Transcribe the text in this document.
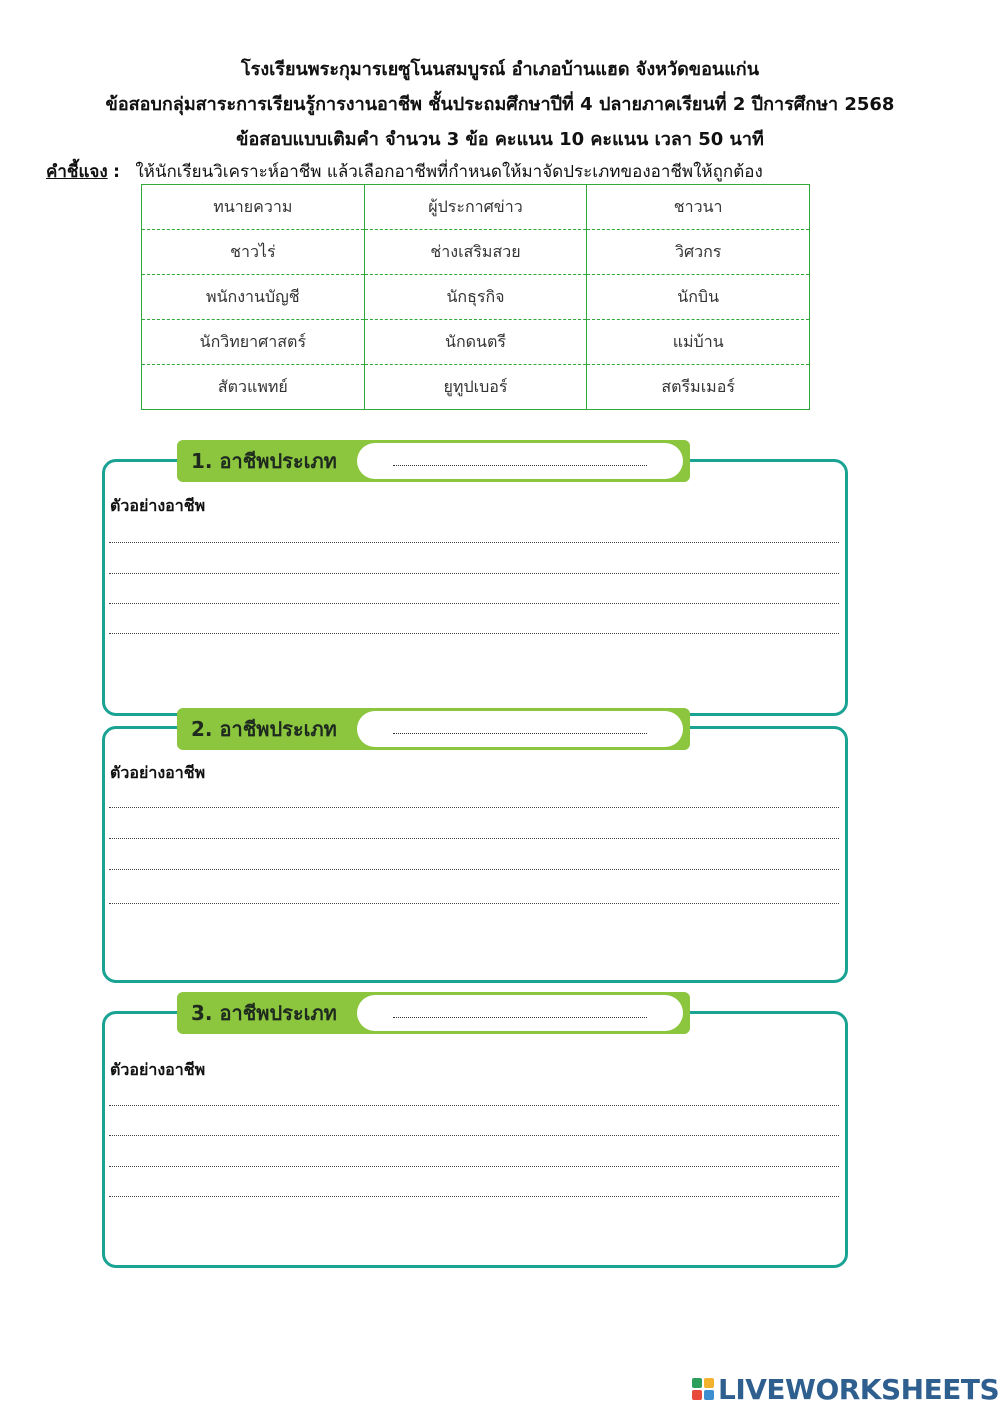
โรงเรียนพระกุมารเยซูโนนสมบูรณ์ อำเภอบ้านแฮด จังหวัดขอนแก่น
ข้อสอบกลุ่มสาระการเรียนรู้การงานอาชีพ ชั้นประถมศึกษาปีที่ 4 ปลายภาคเรียนที่ 2 ปีการศึกษา 2568
ข้อสอบแบบเติมคำ จำนวน 3 ข้อ คะแนน 10 คะแนน เวลา 50 นาที
คำชี้แจง : ให้นักเรียนวิเคราะห์อาชีพ แล้วเลือกอาชีพที่กำหนดให้มาจัดประเภทของอาชีพให้ถูกต้อง
ทนายความ	ผู้ประกาศข่าว	ชาวนา
ชาวไร่	ช่างเสริมสวย	วิศวกร
พนักงานบัญชี	นักธุรกิจ	นักบิน
นักวิทยาศาสตร์	นักดนตรี	แม่บ้าน
สัตวแพทย์	ยูทูปเบอร์	สตรีมเมอร์
ตัวอย่างอาชีพ
1. อาชีพประเภท
ตัวอย่างอาชีพ
2. อาชีพประเภท
ตัวอย่างอาชีพ
3. อาชีพประเภท
LIVEWORKSHEETS
